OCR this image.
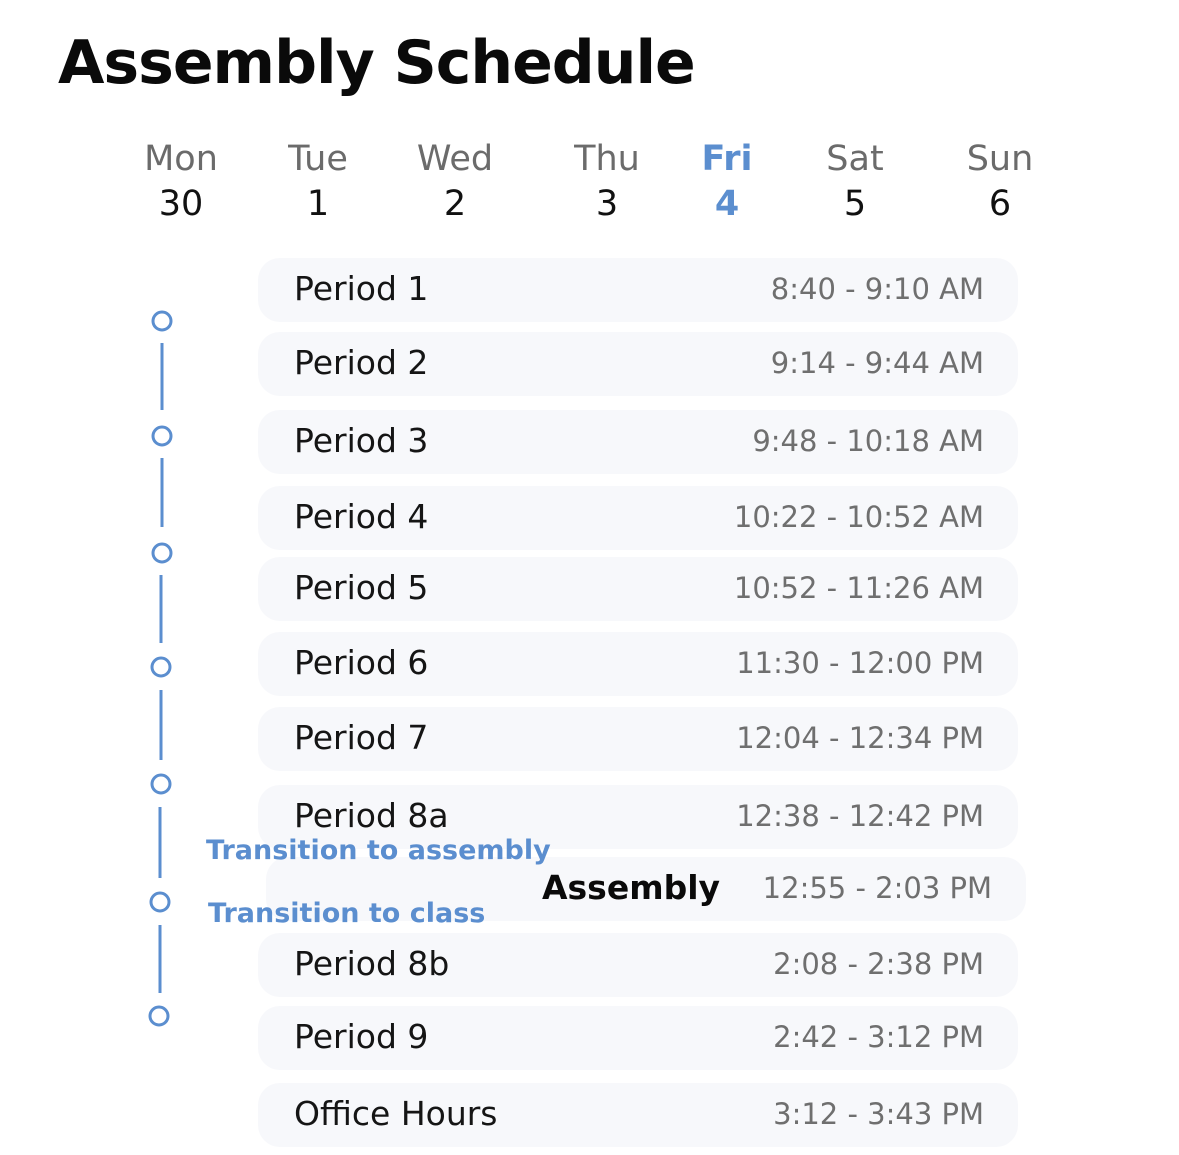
Assembly Schedule
Mon
30
Tue
1
Wed
2
Thu
3
Fri
4
Sat
5
Sun
6
Period 1	8:40 - 9:10 AM
Period 2	9:14 - 9:44 AM
Period 3	9:48 - 10:18 AM
Period 4	10:22 - 10:52 AM
Period 5	10:52 - 11:26 AM
Period 6	11:30 - 12:00 PM
Period 7	12:04 - 12:34 PM
Period 8a	12:38 - 12:42 PM
Assembly 12:55 - 2:03 PM
Period 8b	2:08 - 2:38 PM
Period 9	2:42 - 3:12 PM
Office Hours	3:12 - 3:43 PM
Transition to assembly
Transition to class
